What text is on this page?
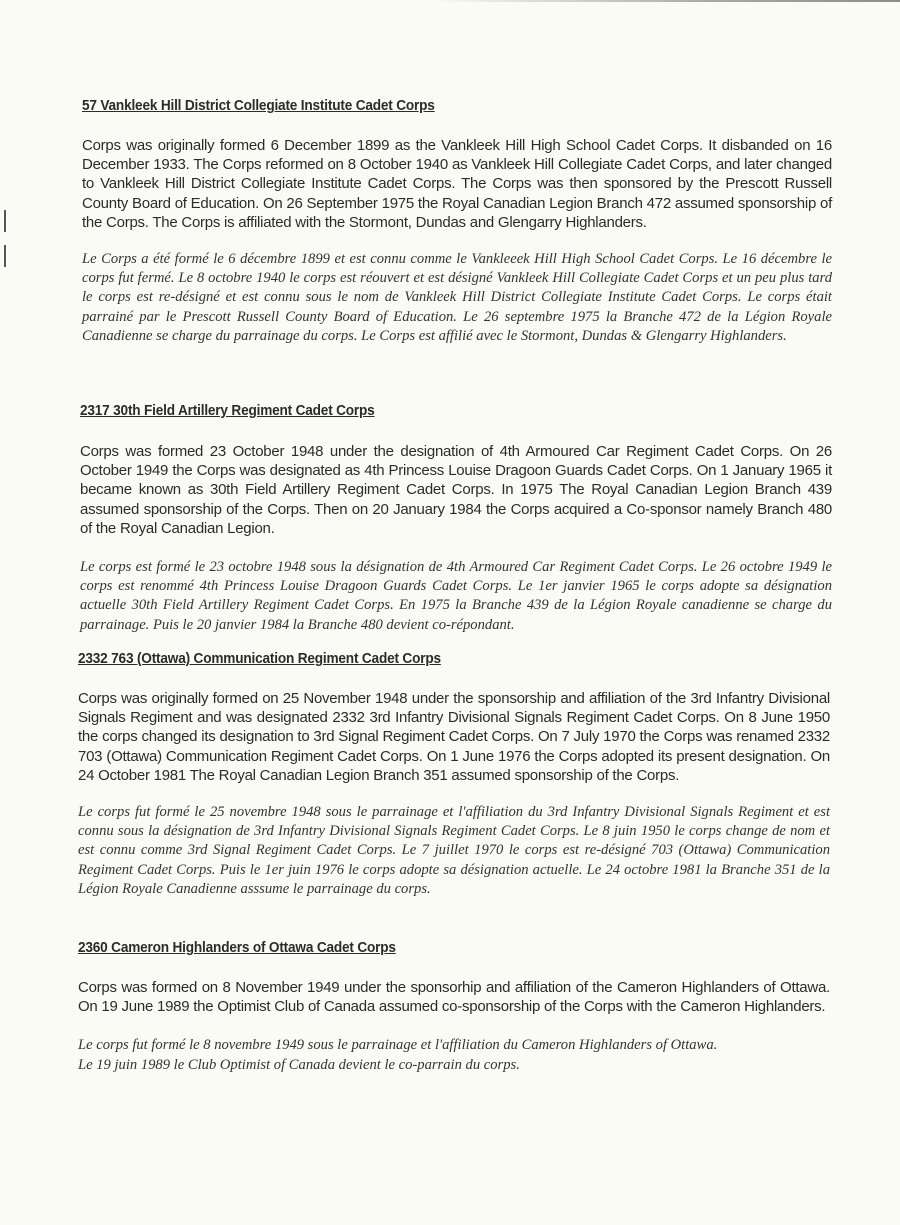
57 Vankleek Hill District Collegiate Institute Cadet Corps

Corps was originally formed 6 December 1899 as the Vankleek Hill High School Cadet Corps. It disbanded on 16 December 1933. The Corps reformed on 8 October 1940 as Vankleek Hill Collegiate Cadet Corps, and later changed to Vankleek Hill District Collegiate Institute Cadet Corps. The Corps was then sponsored by the Prescott Russell County Board of Education. On 26 September 1975 the Royal Canadian Legion Branch 472 assumed sponsorship of the Corps. The Corps is affiliated with the Stormont, Dundas and Glengarry Highlanders.

Le Corps a été formé le 6 décembre 1899 et est connu comme le Vankleeek Hill High School Cadet Corps. Le 16 décembre le corps fut fermé. Le 8 octobre 1940 le corps est réouvert et est désigné Vankleek Hill Collegiate Cadet Corps et un peu plus tard le corps est re-désigné et est connu sous le nom de Vankleek Hill District Collegiate Institute Cadet Corps. Le corps était parrainé par le Prescott Russell County Board of Education. Le 26 septembre 1975 la Branche 472 de la Légion Royale Canadienne se charge du parrainage du corps. Le Corps est affilié avec le Stormont, Dundas & Glengarry Highlanders.

2317 30th Field Artillery Regiment Cadet Corps

Corps was formed 23 October 1948 under the designation of 4th Armoured Car Regiment Cadet Corps. On 26 October 1949 the Corps was designated as 4th Princess Louise Dragoon Guards Cadet Corps. On 1 January 1965 it became known as 30th Field Artillery Regiment Cadet Corps. In 1975 The Royal Canadian Legion Branch 439 assumed sponsorship of the Corps. Then on 20 January 1984 the Corps acquired a Co-sponsor namely Branch 480 of the Royal Canadian Legion.

Le corps est formé le 23 octobre 1948 sous la désignation de 4th Armoured Car Regiment Cadet Corps. Le 26 octobre 1949 le corps est renommé 4th Princess Louise Dragoon Guards Cadet Corps. Le 1er janvier 1965 le corps adopte sa désignation actuelle 30th Field Artillery Regiment Cadet Corps. En 1975 la Branche 439 de la Légion Royale canadienne se charge du parrainage. Puis le 20 janvier 1984 la Branche 480 devient co-répondant.

2332 763 (Ottawa) Communication Regiment Cadet Corps

Corps was originally formed on 25 November 1948 under the sponsorship and affiliation of the 3rd Infantry Divisional Signals Regiment and was designated 2332 3rd Infantry Divisional Signals Regiment Cadet Corps. On 8 June 1950 the corps changed its designation to 3rd Signal Regiment Cadet Corps. On 7 July 1970 the Corps was renamed 2332 703 (Ottawa) Communication Regiment Cadet Corps. On 1 June 1976 the Corps adopted its present designation. On 24 October 1981 The Royal Canadian Legion Branch 351 assumed sponsorship of the Corps.

Le corps fut formé le 25 novembre 1948 sous le parrainage et l'affiliation du 3rd Infantry Divisional Signals Regiment et est connu sous la désignation de 3rd Infantry Divisional Signals Regiment Cadet Corps. Le 8 juin 1950 le corps change de nom et est connu comme 3rd Signal Regiment Cadet Corps. Le 7 juillet 1970 le corps est re-désigné 703 (Ottawa) Communication Regiment Cadet Corps. Puis le 1er juin 1976 le corps adopte sa désignation actuelle. Le 24 octobre 1981 la Branche 351 de la Légion Royale Canadienne asssume le parrainage du corps.

2360 Cameron Highlanders of Ottawa Cadet Corps

Corps was formed on 8 November 1949 under the sponsorhip and affiliation of the Cameron Highlanders of Ottawa. On 19 June 1989 the Optimist Club of Canada assumed co-sponsorship of the Corps with the Cameron Highlanders.

Le corps fut formé le 8 novembre 1949 sous le parrainage et l'affiliation du Cameron Highlanders of Ottawa.
Le 19 juin 1989 le Club Optimist of Canada devient le co-parrain du corps.
